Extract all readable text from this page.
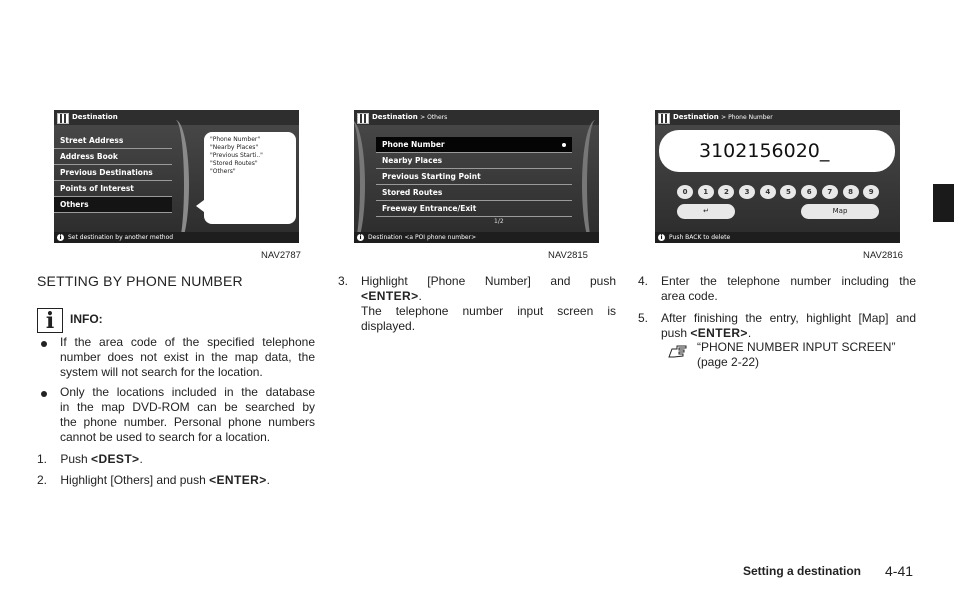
Destination
Street Address
Address Book
Previous Destinations
Points of Interest
Others
"Phone Number"
"Nearby Places"
"Previous Starti.."
"Stored Routes"
"Others"
i	Set destination by another method
NAV2787
Destination > Others
Phone Number
Nearby Places
Previous Starting Point
Stored Routes
Freeway Entrance/Exit
1/2
i	Destination <a POI phone number>
NAV2815
Destination > Phone Number
3102156020_
0 1 2 3 4 5 6 7 8 9
↵	Map
i	Push BACK to delete
NAV2816
SETTING BY PHONE NUMBER
i	INFO:
If the area code of the specified telephone
number does not exist in the map data, the
system will not search for the location.
Only the locations included in the database
in the map DVD-ROM can be searched by
the phone number. Personal phone numbers
cannot be used to search for a location.
1. Push <DEST>.
2. Highlight [Others] and push <ENTER>.
3. Highlight [Phone Number] and push
<ENTER>.
The telephone number input screen is
displayed.
4. Enter the telephone number including the
area code.
5. After finishing the entry, highlight [Map] and
push <ENTER>.
“PHONE NUMBER INPUT SCREEN”
(page 2-22)
Setting a destination 4-41
